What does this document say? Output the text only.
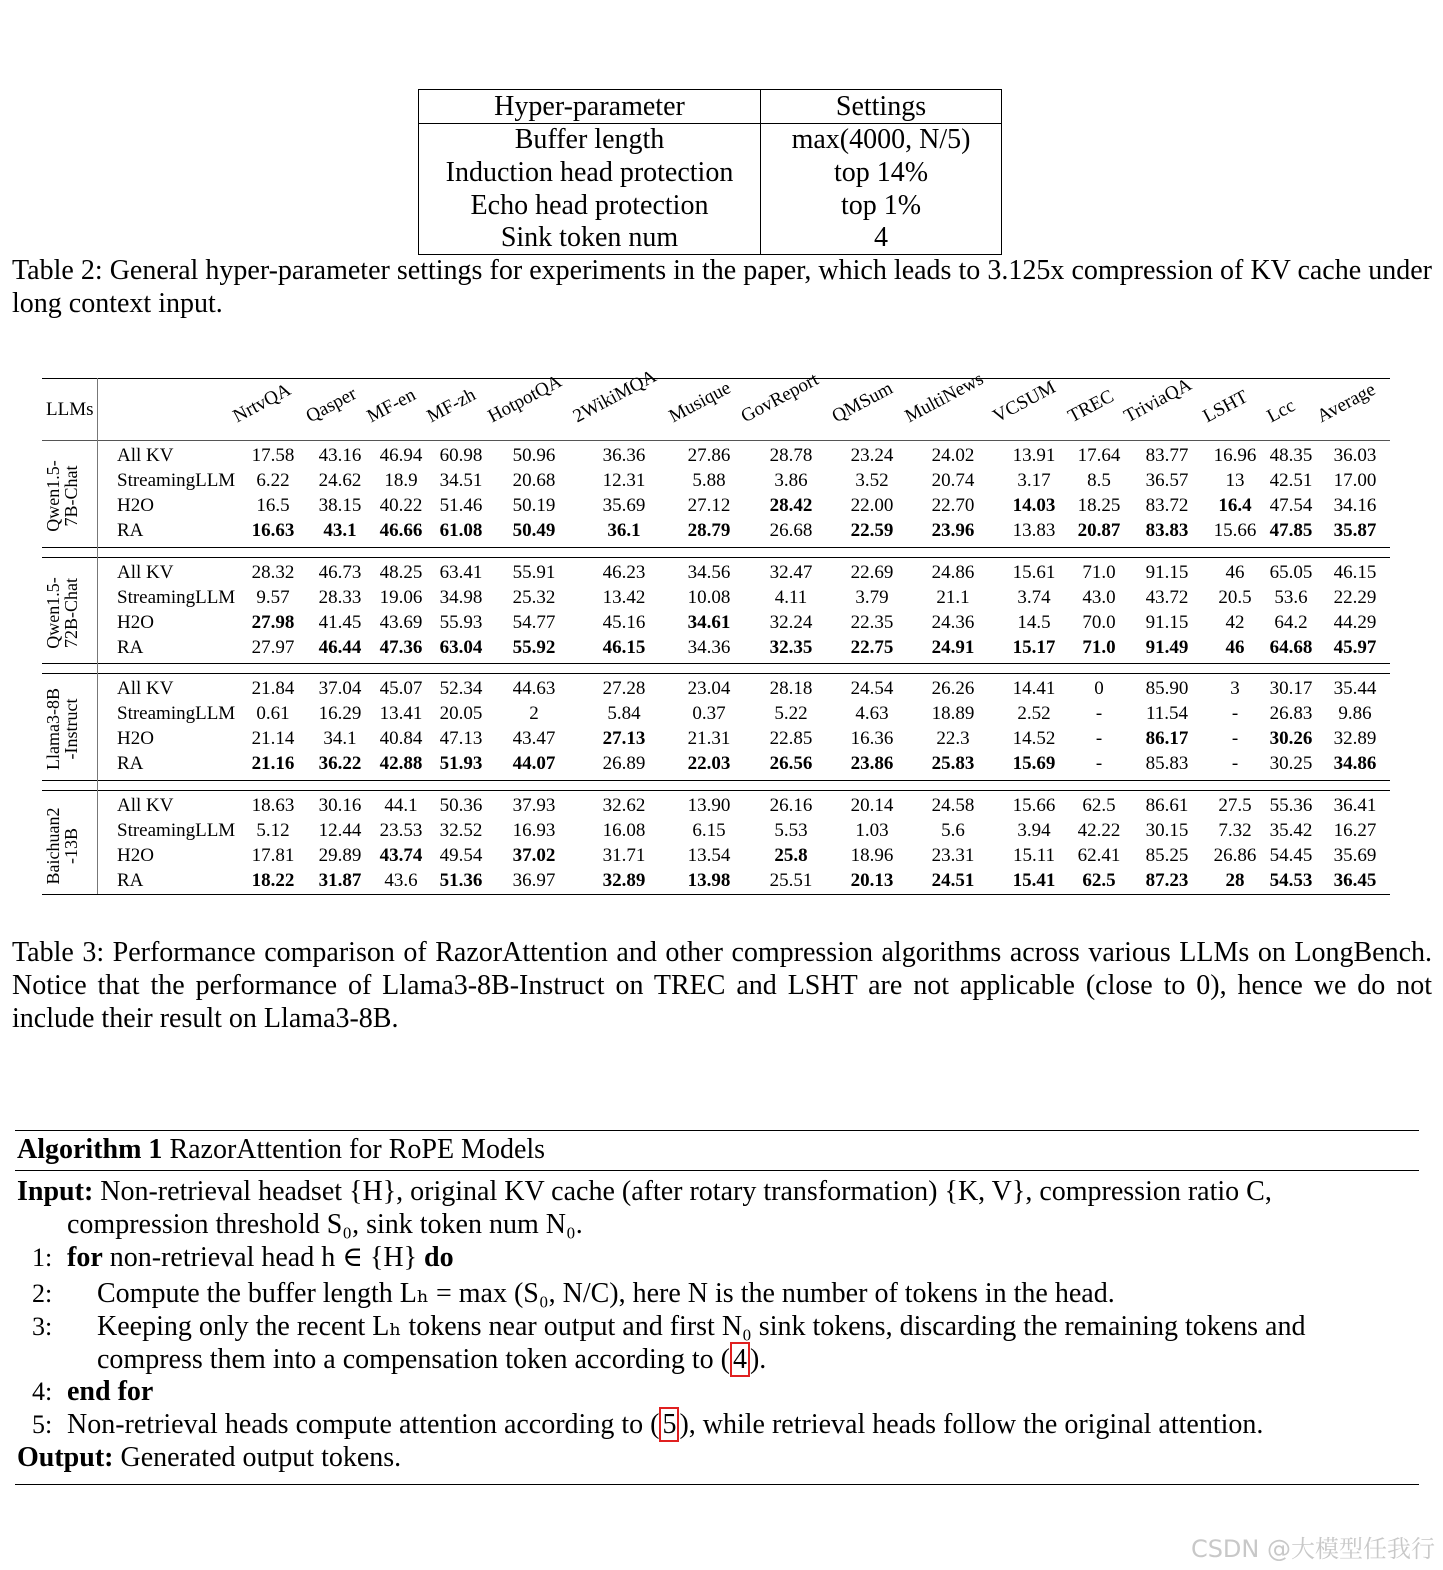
Hyper-parameter	Settings
Buffer length	max(4000, N/5)
Induction head protection	top 14%
Echo head protection	top 1%
Sink token num	4
Table 2: General hyper-parameter settings for experiments in the paper, which leads to 3.125x compression of KV cache under long context input.
LLMs	NrtvQA Qasper MF-en MF-zh HotpotQA 2WikiMQA Musique GovReport QMSum MultiNews VCSUM TREC TriviaQA LSHT Lcc Average
Qwen1.5-
7B-Chat
All KV	17.58	43.16 46.94 60.98	50.96	36.36	27.86	28.78	23.24	24.02	13.91	17.64	83.77	16.96 48.35	36.03
StreamingLLM	6.22	24.62	18.9	34.51	20.68	12.31	5.88	3.86	3.52	20.74	3.17	8.5	36.57	13	42.51	17.00
H2O	16.5	38.15 40.22 51.46	50.19	35.69	27.12	28.42	22.00	22.70	14.03	18.25	83.72	16.4 47.54	34.16
RA	16.63	43.1	46.66 61.08	50.49	36.1	28.79	26.68	22.59	23.96	13.83	20.87	83.83	15.66 47.85	35.87
Qwen1.5-
72B-Chat
All KV	28.32	46.73 48.25 63.41	55.91	46.23	34.56	32.47	22.69	24.86	15.61	71.0	91.15	46	65.05	46.15
StreamingLLM	9.57	28.33 19.06 34.98	25.32	13.42	10.08	4.11	3.79	21.1	3.74	43.0	43.72	20.5	53.6	22.29
H2O	27.98	41.45 43.69 55.93	54.77	45.16	34.61	32.24	22.35	24.36	14.5	70.0	91.15	42	64.2	44.29
RA	27.97	46.44 47.36 63.04	55.92	46.15	34.36	32.35	22.75	24.91	15.17	71.0	91.49	46	64.68	45.97
Llama3-8B
-Instruct
All KV	21.84	37.04 45.07 52.34	44.63	27.28	23.04	28.18	24.54	26.26	14.41	0	85.90	3	30.17	35.44
StreamingLLM	0.61	16.29 13.41 20.05	2	5.84	0.37	5.22	4.63	18.89	2.52	-	11.54	-	26.83	9.86
H2O	21.14	34.1	40.84 47.13	43.47	27.13	21.31	22.85	16.36	22.3	14.52	-	86.17	-	30.26	32.89
RA	21.16	36.22 42.88 51.93	44.07	26.89	22.03	26.56	23.86	25.83	15.69	-	85.83	-	30.25	34.86
Baichuan2
-13B
All KV	18.63	30.16	44.1	50.36	37.93	32.62	13.90	26.16	20.14	24.58	15.66	62.5	86.61	27.5 55.36	36.41
StreamingLLM	5.12	12.44 23.53 32.52	16.93	16.08	6.15	5.53	1.03	5.6	3.94	42.22	30.15	7.32 35.42	16.27
H2O	17.81	29.89 43.74 49.54	37.02	31.71	13.54	25.8	18.96	23.31	15.11	62.41	85.25	26.86 54.45	35.69
RA	18.22	31.87	43.6	51.36	36.97	32.89	13.98	25.51	20.13	24.51	15.41	62.5	87.23	28	54.53	36.45
Table 3: Performance comparison of RazorAttention and other compression algorithms across various LLMs on LongBench. Notice that the performance of Llama3-8B-Instruct on TREC and LSHT are not applicable (close to 0), hence we do not include their result on Llama3-8B.
Algorithm 1 RazorAttention for RoPE Models
Input: Non-retrieval headset {H}, original KV cache (after rotary transformation) {K, V}, compression ratio C,
compression threshold S₀, sink token num N₀.
1: for non-retrieval head h ∈ {H} do
2: Compute the buffer length Lₕ = max (S₀, N/C), here N is the number of tokens in the head.
3: Keeping only the recent Lₕ tokens near output and first N₀ sink tokens, discarding the remaining tokens and
compress them into a compensation token according to ( 4 ).
4: end for
5: Non-retrieval heads compute attention according to ( 5 ), while retrieval heads follow the original attention.
Output: Generated output tokens.
CSDN @大模型任我行
